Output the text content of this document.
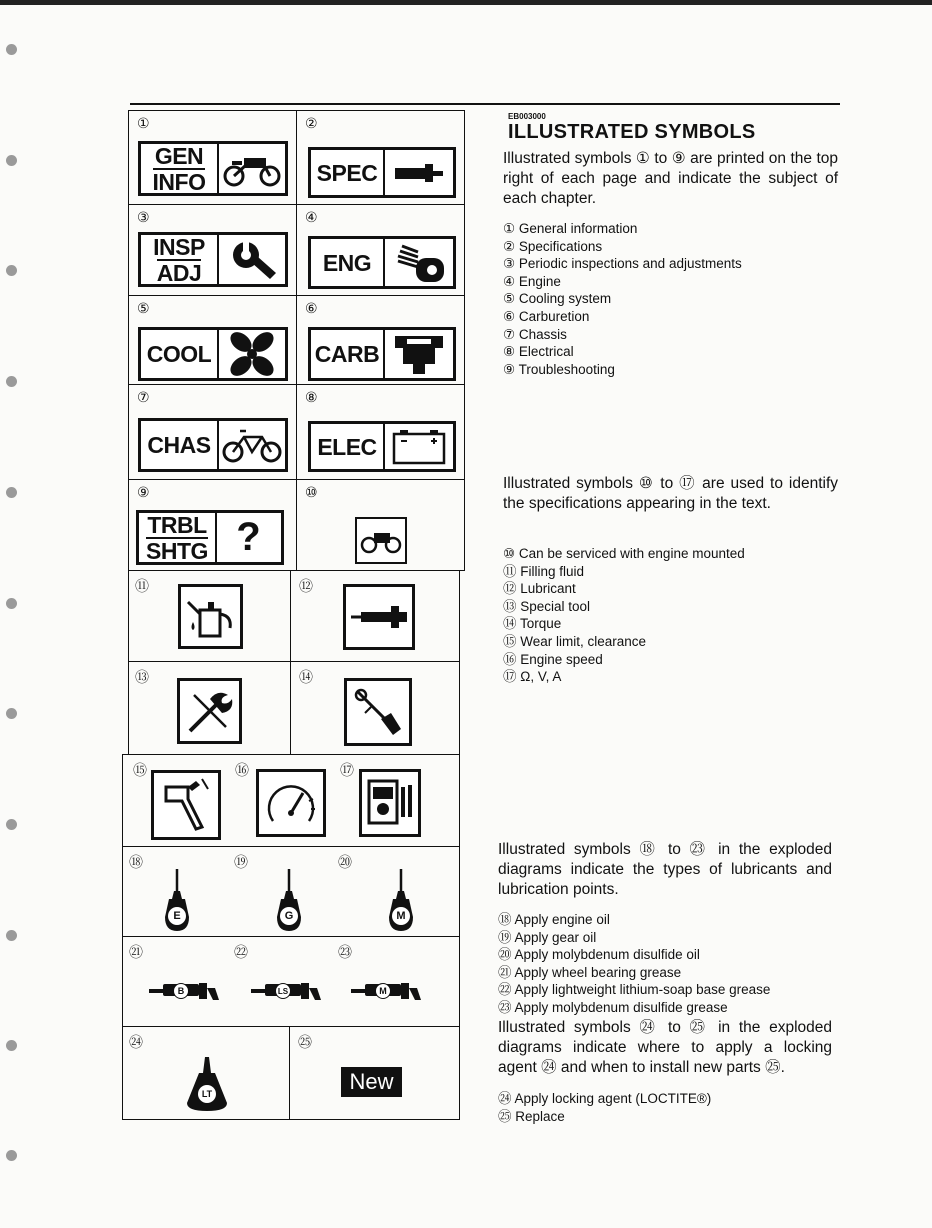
①
GEN
INFO
②
SPEC
③
INSP
ADJ
④
ENG
⑤
COOL
⑥
CARB
⑦
CHAS
⑧
ELEC
⑨
TRBL
SHTG ?
⑩
⑪	⑫
⑬	⑭
⑮	⑯	⑰
⑱	⑲	⑳
E	G	M
㉑	㉒	㉓
B	LS	M
㉔
LT
㉕
New
EB003000
ILLUSTRATED SYMBOLS
Illustrated symbols ① to ⑨ are printed on the top right of each page and indicate the subject of each chapter.
① General information
② Specifications
③ Periodic inspections and adjustments
④ Engine
⑤ Cooling system
⑥ Carburetion
⑦ Chassis
⑧ Electrical
⑨ Troubleshooting
Illustrated symbols ⑩ to ⑰ are used to identify the specifications appearing in the text.
⑩ Can be serviced with engine mounted
⑪ Filling fluid
⑫ Lubricant
⑬ Special tool
⑭ Torque
⑮ Wear limit, clearance
⑯ Engine speed
⑰ Ω, V, A
Illustrated symbols ⑱ to ㉓ in the exploded diagrams indicate the types of lubricants and lubrication points.
⑱ Apply engine oil
⑲ Apply gear oil
⑳ Apply molybdenum disulfide oil
㉑ Apply wheel bearing grease
㉒ Apply lightweight lithium-soap base grease
㉓ Apply molybdenum disulfide grease
Illustrated symbols ㉔ to ㉕ in the exploded diagrams indicate where to apply a locking agent ㉔ and when to install new parts ㉕.
㉔ Apply locking agent (LOCTITE®)
㉕ Replace
